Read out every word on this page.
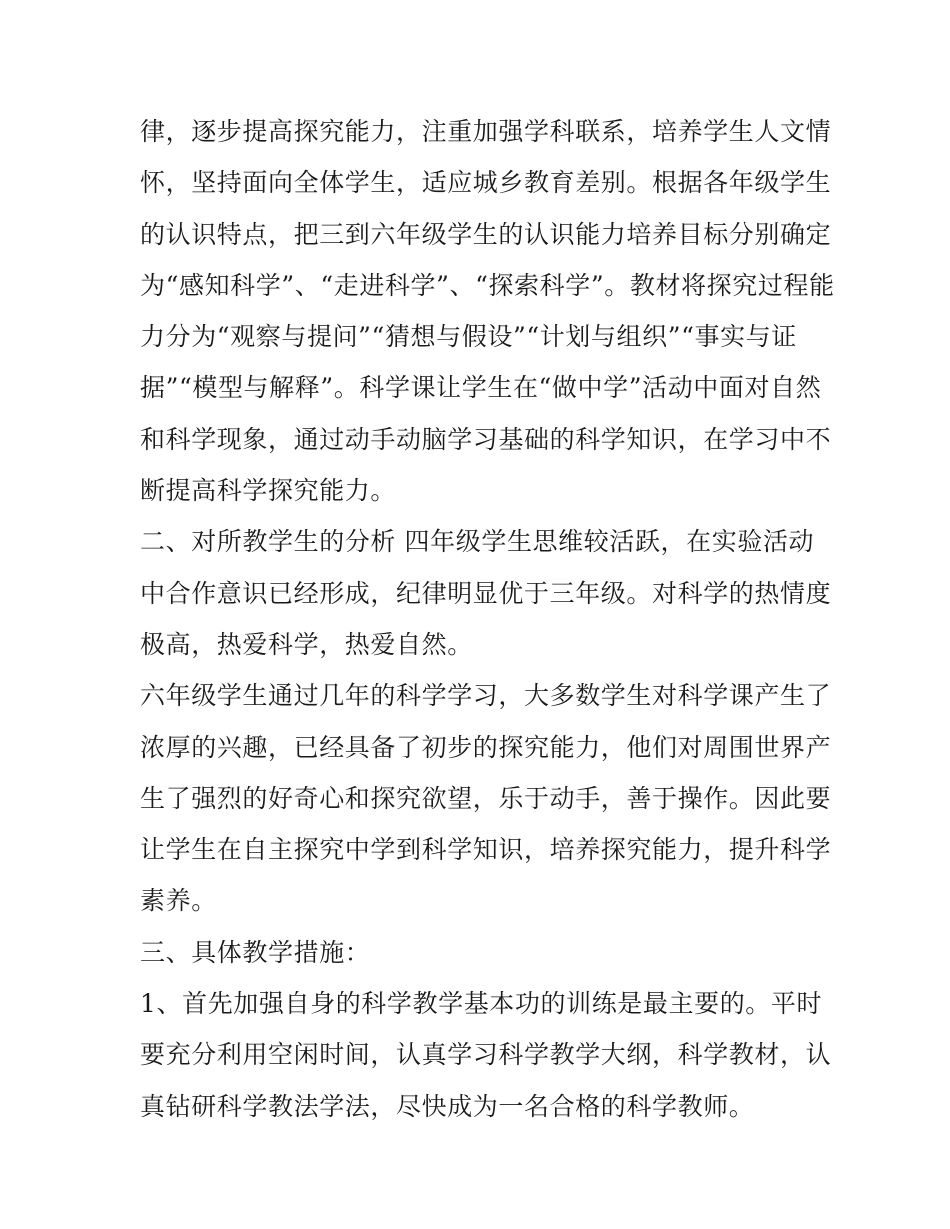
律，逐步提高探究能力，注重加强学科联系，培养学生人文情
怀，坚持面向全体学生，适应城乡教育差别。根据各年级学生
的认识特点，把三到六年级学生的认识能力培养目标分别确定
为“感知科学”、“走进科学”、“探索科学”。教材将探究过程能
力分为“观察与提问”“猜想与假设”“计划与组织”“事实与证
据”“模型与解释”。科学课让学生在“做中学”活动中面对自然
和科学现象，通过动手动脑学习基础的科学知识，在学习中不
断提高科学探究能力。
二、对所教学生的分析 四年级学生思维较活跃，在实验活动
中合作意识已经形成，纪律明显优于三年级。对科学的热情度
极高，热爱科学，热爱自然。
六年级学生通过几年的科学学习，大多数学生对科学课产生了
浓厚的兴趣，已经具备了初步的探究能力，他们对周围世界产
生了强烈的好奇心和探究欲望，乐于动手，善于操作。因此要
让学生在自主探究中学到科学知识，培养探究能力，提升科学
素养。
三、具体教学措施：
1、首先加强自身的科学教学基本功的训练是最主要的。平时
要充分利用空闲时间，认真学习科学教学大纲，科学教材，认
真钻研科学教法学法，尽快成为一名合格的科学教师。
